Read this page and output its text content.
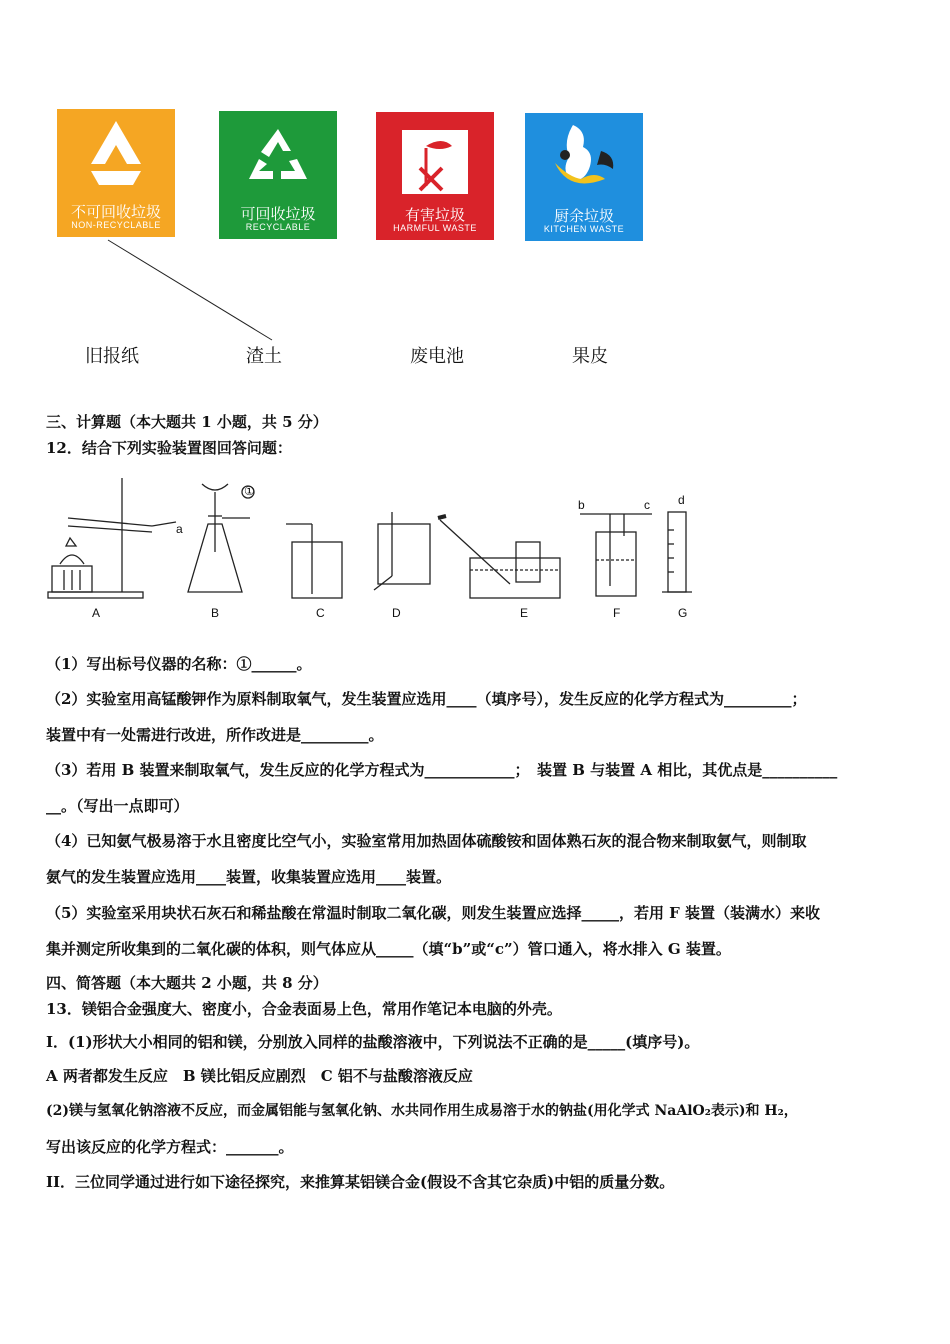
不可回收垃圾
NON-RECYCLABLE
可回收垃圾
RECYCLABLE
有害垃圾
HARMFUL WASTE
厨余垃圾
KITCHEN WASTE
旧报纸	渣土	废电池	果皮
三、计算题（本大题共 1 小题，共 5 分）
12．结合下列实验装置图回答问题：
a
①
b	c d
A	B	C	D	E	F	G
（1）写出标号仪器的名称：①______。
（2）实验室用高锰酸钾作为原料制取氧气，发生装置应选用____（填序号），发生反应的化学方程式为_________；
装置中有一处需进行改进，所作改进是_________。
（3）若用 B 装置来制取氧气，发生反应的化学方程式为____________；　装置 B 与装置 A 相比，其优点是__________
__。（写出一点即可）
（4）已知氨气极易溶于水且密度比空气小，实验室常用加热固体硫酸铵和固体熟石灰的混合物来制取氨气，则制取
氨气的发生装置应选用____装置，收集装置应选用____装置。
（5）实验室采用块状石灰石和稀盐酸在常温时制取二氧化碳，则发生装置应选择_____，若用 F 装置（装满水）来收
集并测定所收集到的二氧化碳的体积，则气体应从_____（填“b”或“c”）管口通入，将水排入 G 装置。
四、简答题（本大题共 2 小题，共 8 分）
13．镁铝合金强度大、密度小，合金表面易上色，常用作笔记本电脑的外壳。
I．(1)形状大小相同的铝和镁，分别放入同样的盐酸溶液中，下列说法不正确的是_____(填序号)。
A 两者都发生反应　B 镁比铝反应剧烈　C 铝不与盐酸溶液反应
(2)镁与氢氧化钠溶液不反应，而金属铝能与氢氧化钠、水共同作用生成易溶于水的钠盐(用化学式 NaAlO₂表示)和 H₂，
写出该反应的化学方程式：_______。
II．三位同学通过进行如下途径探究，来推算某铝镁合金(假设不含其它杂质)中铝的质量分数。
